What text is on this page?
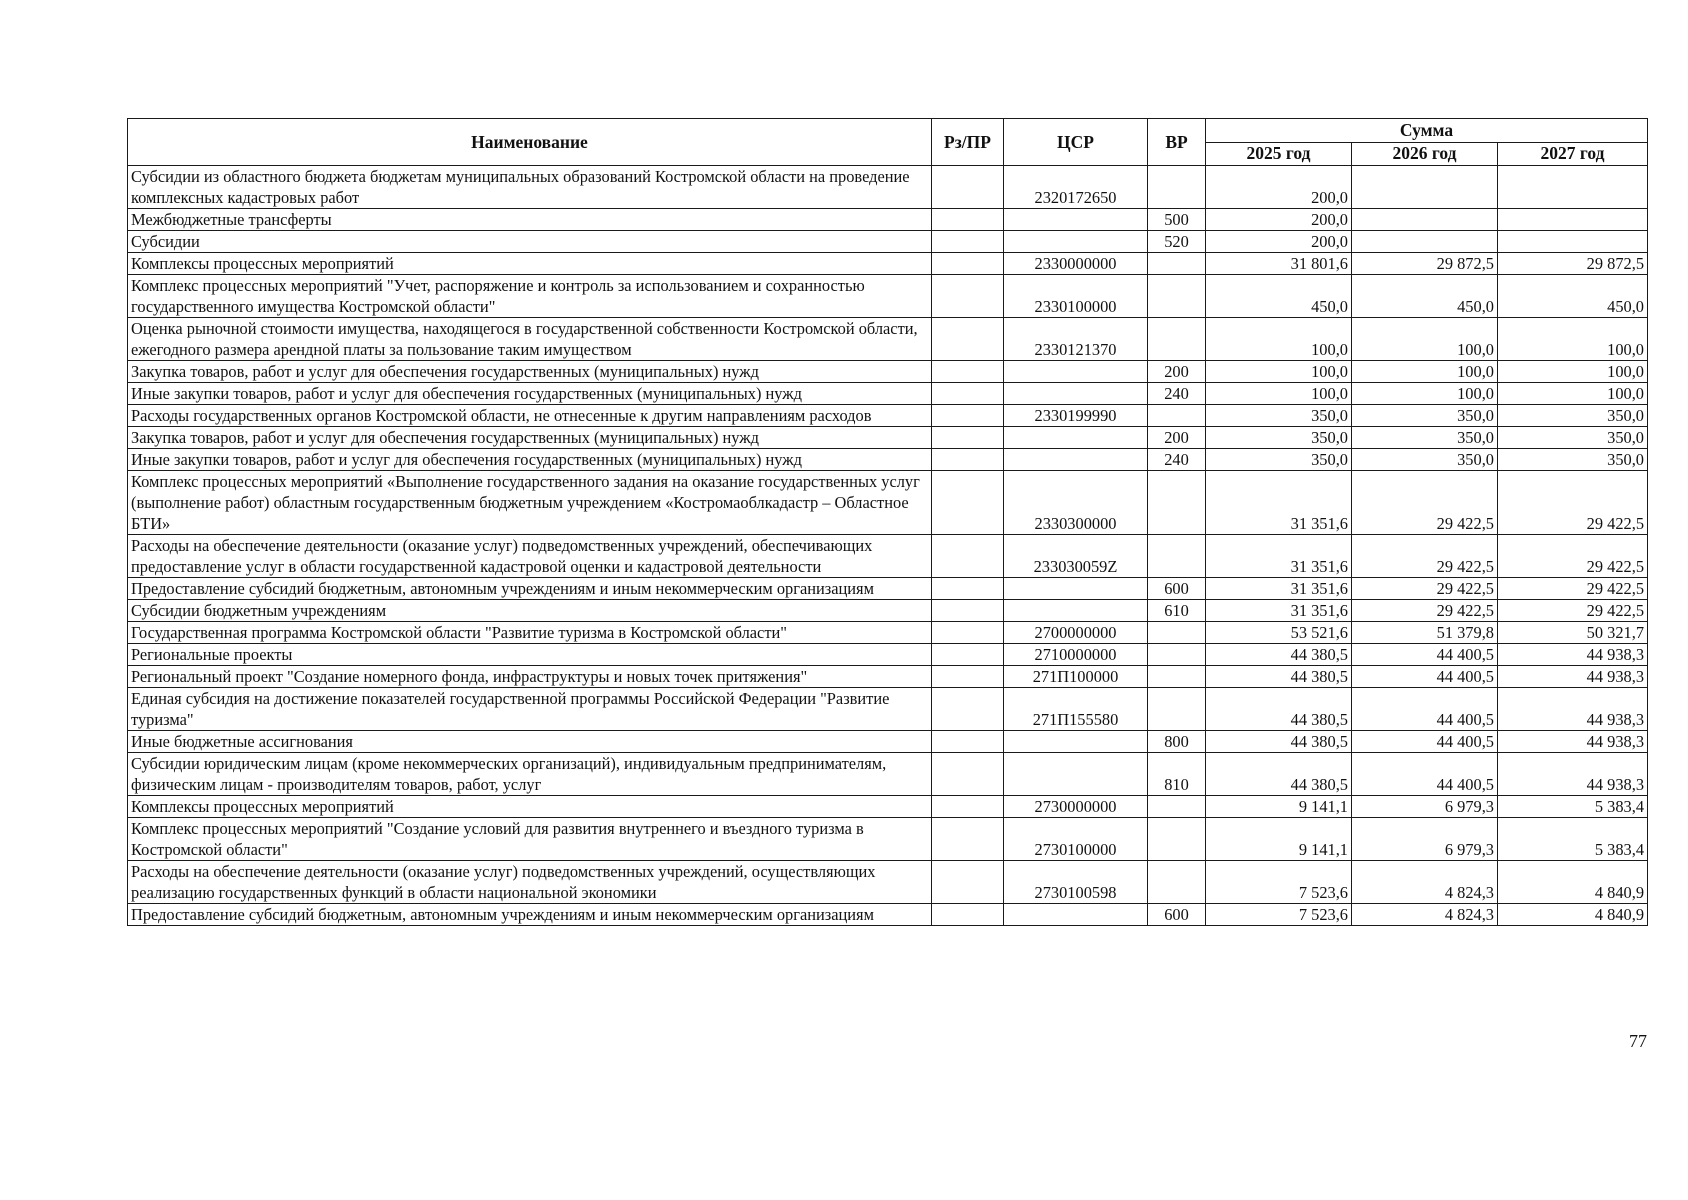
Наименование	Рз/ПР	ЦСР	ВР	Сумма		
				2025 год	2026 год	2027 год
Субсидии из областного бюджета бюджетам муниципальных образований Костромской области на проведение комплексных кадастровых работ		2320172650		200,0		
Межбюджетные трансферты			500	200,0		
Субсидии			520	200,0		
Комплексы процессных мероприятий		2330000000		31 801,6	29 872,5	29 872,5
Комплекс процессных мероприятий "Учет, распоряжение и контроль за использованием и сохранностью государственного имущества Костромской области"		2330100000		450,0	450,0	450,0
Оценка рыночной стоимости имущества, находящегося в государственной собственности Костромской области, ежегодного размера арендной платы за пользование таким имуществом		2330121370		100,0	100,0	100,0
Закупка товаров, работ и услуг для обеспечения государственных (муниципальных) нужд			200	100,0	100,0	100,0
Иные закупки товаров, работ и услуг для обеспечения государственных (муниципальных) нужд			240	100,0	100,0	100,0
Расходы государственных органов Костромской области, не отнесенные к другим направлениям расходов		2330199990		350,0	350,0	350,0
Закупка товаров, работ и услуг для обеспечения государственных (муниципальных) нужд			200	350,0	350,0	350,0
Иные закупки товаров, работ и услуг для обеспечения государственных (муниципальных) нужд			240	350,0	350,0	350,0
Комплекс процессных мероприятий «Выполнение государственного задания на оказание государственных услуг (выполнение работ) областным государственным бюджетным учреждением «Костромаоблкадастр – Областное БТИ»		2330300000		31 351,6	29 422,5	29 422,5
Расходы на обеспечение деятельности (оказание услуг) подведомственных учреждений, обеспечивающих предоставление услуг в области государственной кадастровой оценки и кадастровой деятельности		233030059Z		31 351,6	29 422,5	29 422,5
Предоставление субсидий бюджетным, автономным учреждениям и иным некоммерческим организациям			600	31 351,6	29 422,5	29 422,5
Субсидии бюджетным учреждениям			610	31 351,6	29 422,5	29 422,5
Государственная программа Костромской области "Развитие туризма в Костромской области"		2700000000		53 521,6	51 379,8	50 321,7
Региональные проекты		2710000000		44 380,5	44 400,5	44 938,3
Региональный проект "Создание номерного фонда, инфраструктуры и новых точек притяжения"		271П100000		44 380,5	44 400,5	44 938,3
Единая субсидия на достижение показателей государственной программы Российской Федерации "Развитие туризма"		271П155580		44 380,5	44 400,5	44 938,3
Иные бюджетные ассигнования			800	44 380,5	44 400,5	44 938,3
Субсидии юридическим лицам (кроме некоммерческих организаций), индивидуальным предпринимателям, физическим лицам - производителям товаров, работ, услуг			810	44 380,5	44 400,5	44 938,3
Комплексы процессных мероприятий		2730000000		9 141,1	6 979,3	5 383,4
Комплекс процессных мероприятий "Создание условий для развития внутреннего и въездного туризма в Костромской области"		2730100000		9 141,1	6 979,3	5 383,4
Расходы на обеспечение деятельности (оказание услуг) подведомственных учреждений, осуществляющих реализацию государственных функций в области национальной экономики		2730100598		7 523,6	4 824,3	4 840,9
Предоставление субсидий бюджетным, автономным учреждениям и иным некоммерческим организациям			600	7 523,6	4 824,3	4 840,9
77
